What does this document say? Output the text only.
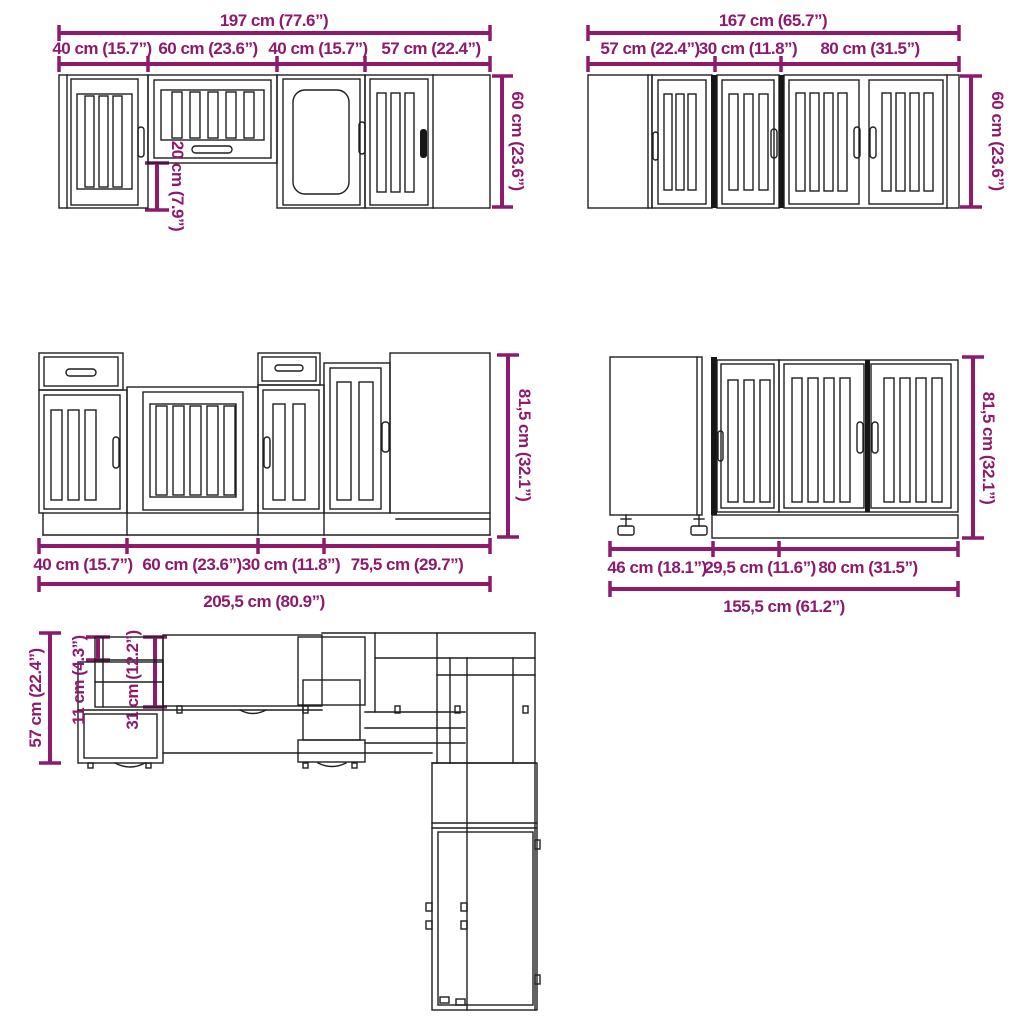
197 cm (77.6”)
40 cm (15.7”) 60 cm (23.6”) 40 cm (15.7”) 57 cm (22.4”)
60 cm (23.6”)
20 cm (7.9”)
167 cm (65.7”)
57 cm (22.4”) 30 cm (11.8”)	80 cm (31.5”)
60 cm (23.6”)
81,5 cm (32.1”)
40 cm (15.7”) 60 cm (23.6”) 30 cm (11.8”) 75,5 cm (29.7”)
205,5 cm (80.9”)
81,5 cm (32.1”)
46 cm (18.1”)
29,5 cm (11.6”) 80 cm (31.5”)
155,5 cm (61.2”)
57 cm (22.4”) 11 cm (4.3”) 31 cm (12.2”)
